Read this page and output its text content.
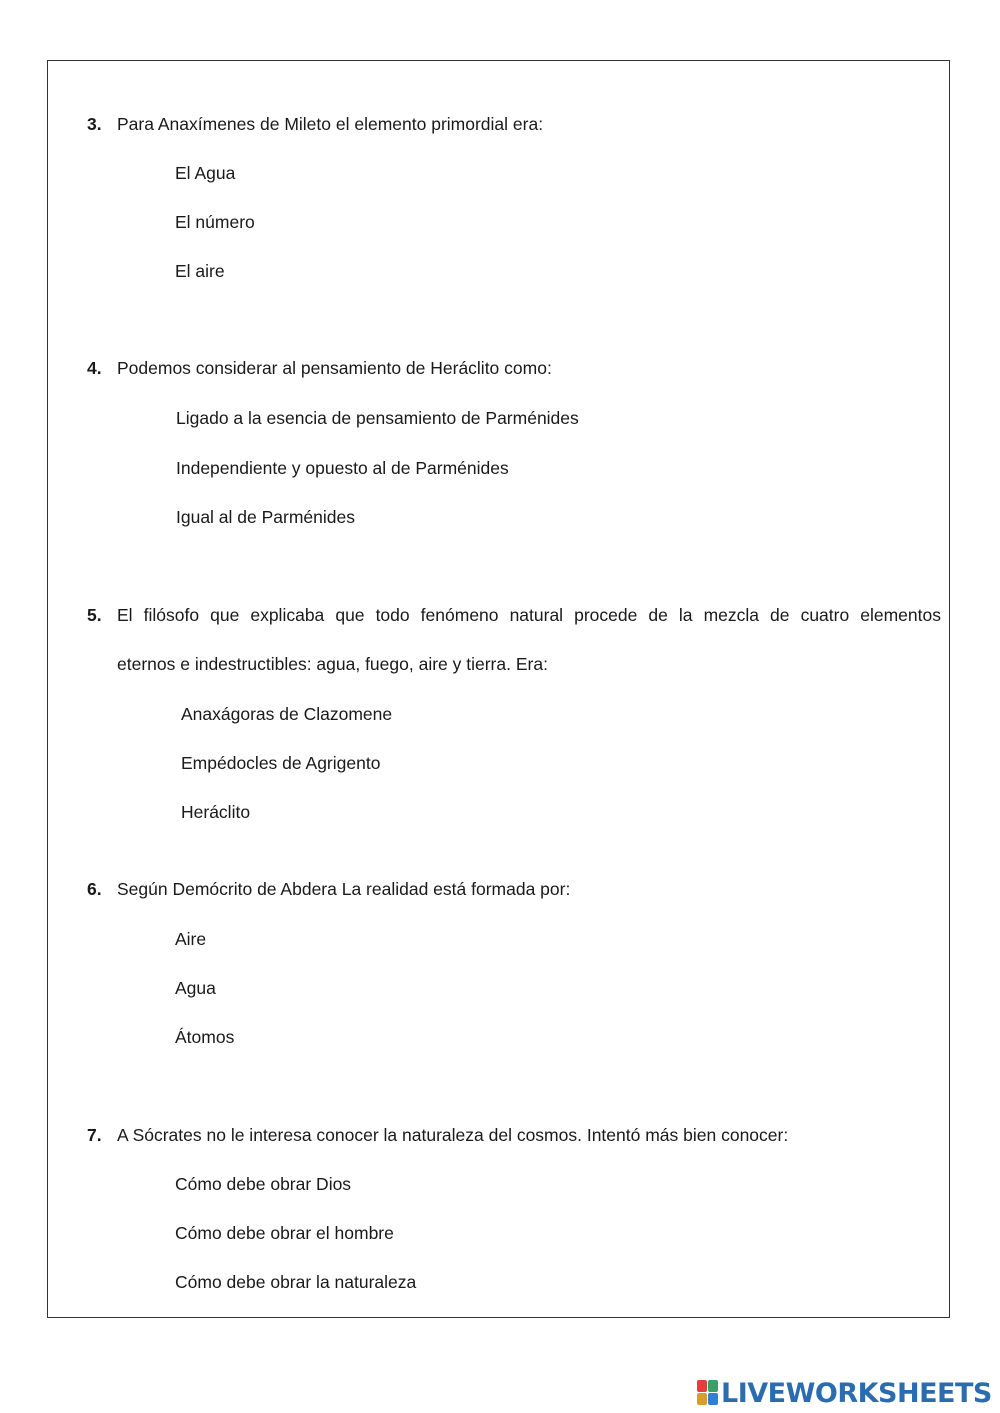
3. Para Anaxímenes de Mileto el elemento primordial era:
El Agua
El número
El aire
4. Podemos considerar al pensamiento de Heráclito como:
Ligado a la esencia de pensamiento de Parménides
Independiente y opuesto al de Parménides
Igual al de Parménides
5. El filósofo que explicaba que todo fenómeno natural procede de la mezcla de cuatro elementos
eternos e indestructibles: agua, fuego, aire y tierra. Era:
Anaxágoras de Clazomene
Empédocles de Agrigento
Heráclito
6. Según Demócrito de Abdera La realidad está formada por:
Aire
Agua
Átomos
7. A Sócrates no le interesa conocer la naturaleza del cosmos. Intentó más bien conocer:
Cómo debe obrar Dios
Cómo debe obrar el hombre
Cómo debe obrar la naturaleza
LIVEWORKSHEETS
